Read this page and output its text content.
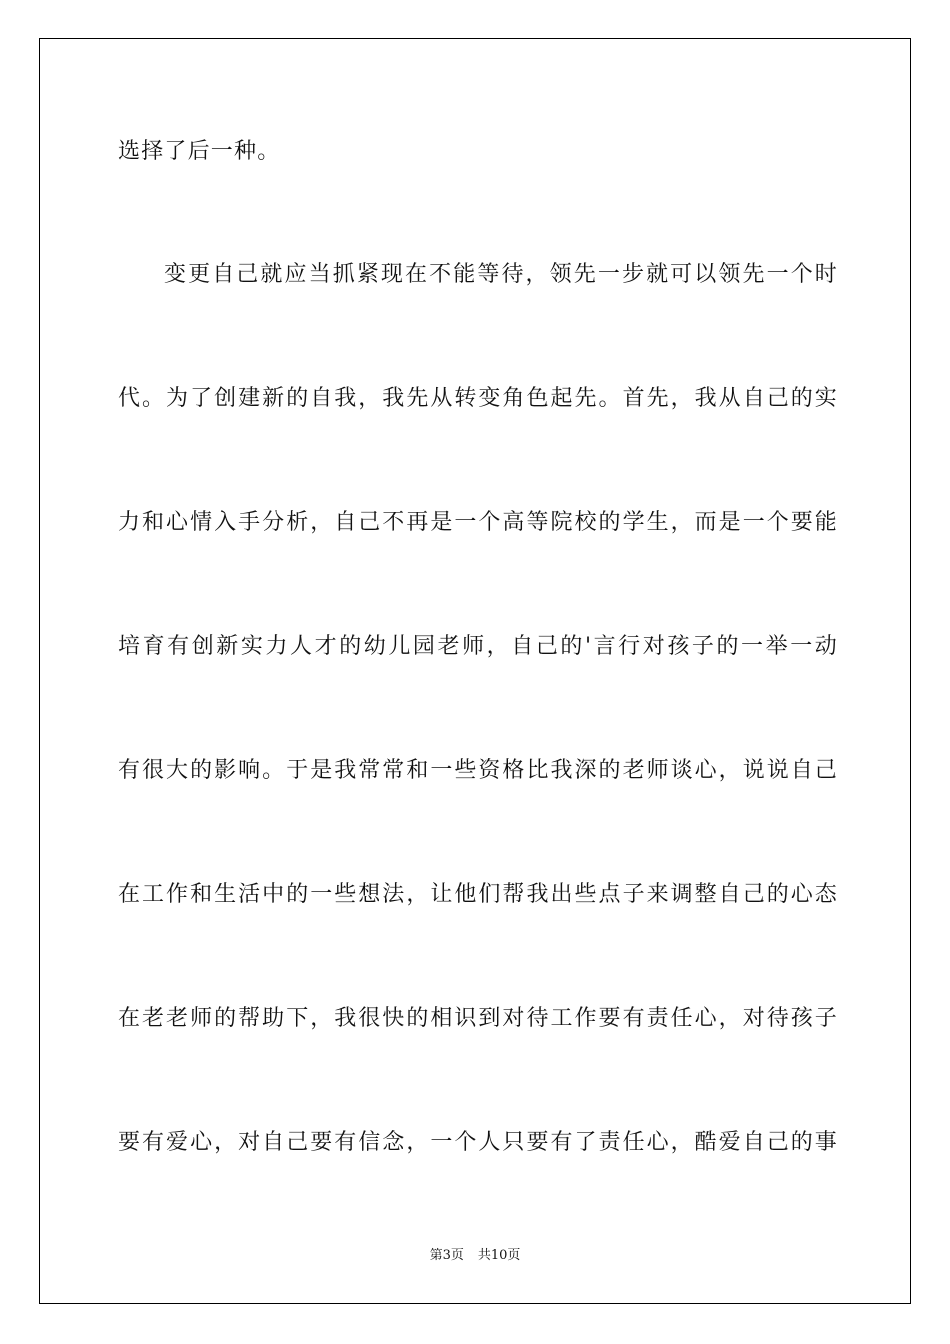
选择了后一种。
变更自己就应当抓紧现在不能等待，领先一步就可以领先一个时
代。为了创建新的自我，我先从转变角色起先。首先，我从自己的实
力和心情入手分析，自己不再是一个高等院校的学生，而是一个要能
培育有创新实力人才的幼儿园老师，自己的'言行对孩子的一举一动
有很大的影响。于是我常常和一些资格比我深的老师谈心，说说自己
在工作和生活中的一些想法，让他们帮我出些点子来调整自己的心态
在老老师的帮助下，我很快的相识到对待工作要有责任心，对待孩子
要有爱心，对自己要有信念，一个人只要有了责任心，酷爱自己的事
第3页 共10页
